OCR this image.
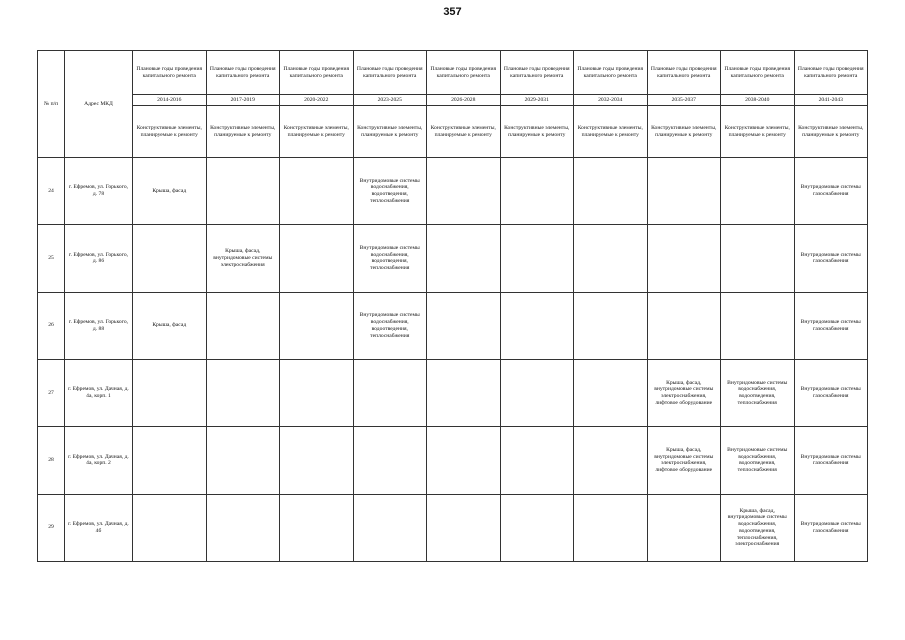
357
№ п/п	Адрес МКД	Плановые годы проведения капитального ремонта	Плановые годы проведения капитального ремонта	Плановые годы проведения капитального ремонта	Плановые годы проведения капитального ремонта	Плановые годы проведения капитального ремонта	Плановые годы проведения капитального ремонта	Плановые годы проведения капитального ремонта	Плановые годы проведения капитального ремонта	Плановые годы проведения капитального ремонта	Плановые годы проведения капитального ремонта
		2014-2016	2017-2019	2020-2022	2023-2025	2026-2028	2029-2031	2032-2034	2035-2037	2038-2040	2041-2043
		Конструктивные элементы, планируемые к ремонту	Конструктивные элементы, планируемые к ремонту	Конструктивные элементы, планируемые к ремонту	Конструктивные элементы, планируемые к ремонту	Конструктивные элементы, планируемые к ремонту	Конструктивные элементы, планируемые к ремонту	Конструктивные элементы, планируемые к ремонту	Конструктивные элементы, планируемые к ремонту	Конструктивные элементы, планируемые к ремонту	Конструктивные элементы, планируемые к ремонту
24	г. Ефремов, ул. Горького, д. 78	Крыша, фасад			Внутридомовые системы водоснабжения, водоотведения, теплоснабжения						Внутридомовые системы газоснабжения
25	г. Ефремов, ул. Горького, д. 86		Крыша, фасад, внутридомовые системы электроснабжения		Внутридомовые системы водоснабжения, водоотведения, теплоснабжения						Внутридомовые системы газоснабжения
26	г. Ефремов, ул. Горького, д. 88	Крыша, фасад			Внутридомовые системы водоснабжения, водоотведения, теплоснабжения						Внутридомовые системы газоснабжения
27	г. Ефремов, ул. Дачная, д. 4а, корп. 1								Крыша, фасад, внутридомовые системы электроснабжения, лифтовое оборудование	Внутридомовые системы водоснабжения, водоотведения, теплоснабжения	Внутридомовые системы газоснабжения
28	г. Ефремов, ул. Дачная, д. 4а, корп. 2								Крыша, фасад, внутридомовые системы электроснабжения, лифтовое оборудование	Внутридомовые системы водоснабжения, водоотведения, теплоснабжения	Внутридомовые системы газоснабжения
29	г. Ефремов, ул. Дачная, д. 4б									Крыша, фасад, внутридомовые системы водоснабжения, водоотведения, теплоснабжения, электроснабжения	Внутридомовые системы газоснабжения
